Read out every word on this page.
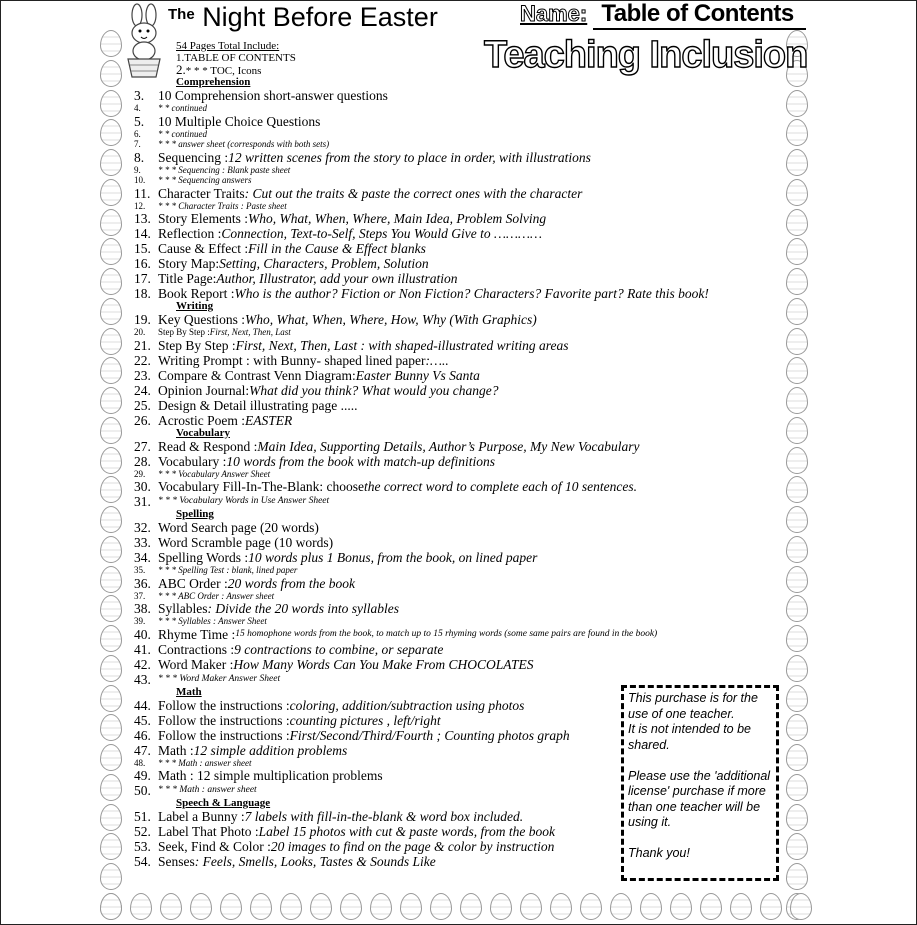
$^{The}$ Night Before Easter	Name: Table of Contents
Teaching Inclusion
54 Pages Total Include:
1.TABLE OF CONTENTS
2.* * * TOC, Icons
Comprehension
3.	10 Comprehension short-answer questions
4.	* * continued
5.	10 Multiple Choice Questions
6.	* * continued
7.	* * * answer sheet (corresponds with both sets)
8.	Sequencing : 12 written scenes from the story to place in order, with illustrations
9.	* * * Sequencing : Blank paste sheet
10.	* * * Sequencing answers
11. Character Traits : Cut out the traits & paste the correct ones with the character
12.	* * * Character Traits : Paste sheet
13. Story Elements : Who, What, When, Where, Main Idea, Problem Solving
14. Reflection : Connection, Text-to-Self, Steps You Would Give to …………
15. Cause & Effect : Fill in the Cause & Effect blanks
16. Story Map: Setting, Characters, Problem, Solution
17. Title Page: Author, Illustrator, add your own illustration
18. Book Report : Who is the author? Fiction or Non Fiction? Characters? Favorite part? Rate this book!
Writing
19. Key Questions : Who, What, When, Where, How, Why (With Graphics)
20.	Step By Step : First, Next, Then, Last
21. Step By Step : First, Next, Then, Last : with shaped-illustrated writing areas
22. Writing Prompt : with Bunny- shaped lined paper :…..
23. Compare & Contrast Venn Diagram: Easter Bunny Vs Santa
24. Opinion Journal: What did you think? What would you change?
25. Design & Detail illustrating page .....
26. Acrostic Poem : EASTER
Vocabulary
27. Read & Respond : Main Idea, Supporting Details, Author’s Purpose, My New Vocabulary
28. Vocabulary : 10 words from the book with match-up definitions
29.	* * * Vocabulary Answer Sheet
30. Vocabulary Fill-In-The-Blank: choose the correct word to complete each of 10 sentences.
31. * * * Vocabulary Words in Use Answer Sheet
Spelling
32. Word Search page (20 words)
33. Word Scramble page (10 words)
34. Spelling Words : 10 words plus 1 Bonus, from the book, on lined paper
35.	* * * Spelling Test : blank, lined paper
36. ABC Order : 20 words from the book
37.	* * * ABC Order : Answer sheet
38. Syllables : Divide the 20 words into syllables
39.	* * * Syllables : Answer Sheet
40. Rhyme Time : 15 homophone words from the book, to match up to 15 rhyming words (some same pairs are found in the book)
41. Contractions : 9 contractions to combine, or separate
42. Word Maker : How Many Words Can You Make From CHOCOLATES
43. * * * Word Maker Answer Sheet
Math
44. Follow the instructions : coloring, addition/subtraction using photos
45. Follow the instructions : counting pictures , left/right
46. Follow the instructions : First/Second/Third/Fourth ; Counting photos graph
47. Math : 12 simple addition problems
48.	* * * Math : answer sheet
49. Math : 12 simple multiplication problems
50. * * * Math : answer sheet
Speech & Language
51. Label a Bunny : 7 labels with fill-in-the-blank & word box included.
52. Label That Photo : Label 15 photos with cut & paste words, from the book
53. Seek, Find & Color : 20 images to find on the page & color by instruction
54. Senses : Feels, Smells, Looks, Tastes & Sounds Like
This purchase is for the use of one teacher.
It is not intended to be shared.

Please use the 'additional license' purchase if more than one teacher will be using it.

Thank you!
